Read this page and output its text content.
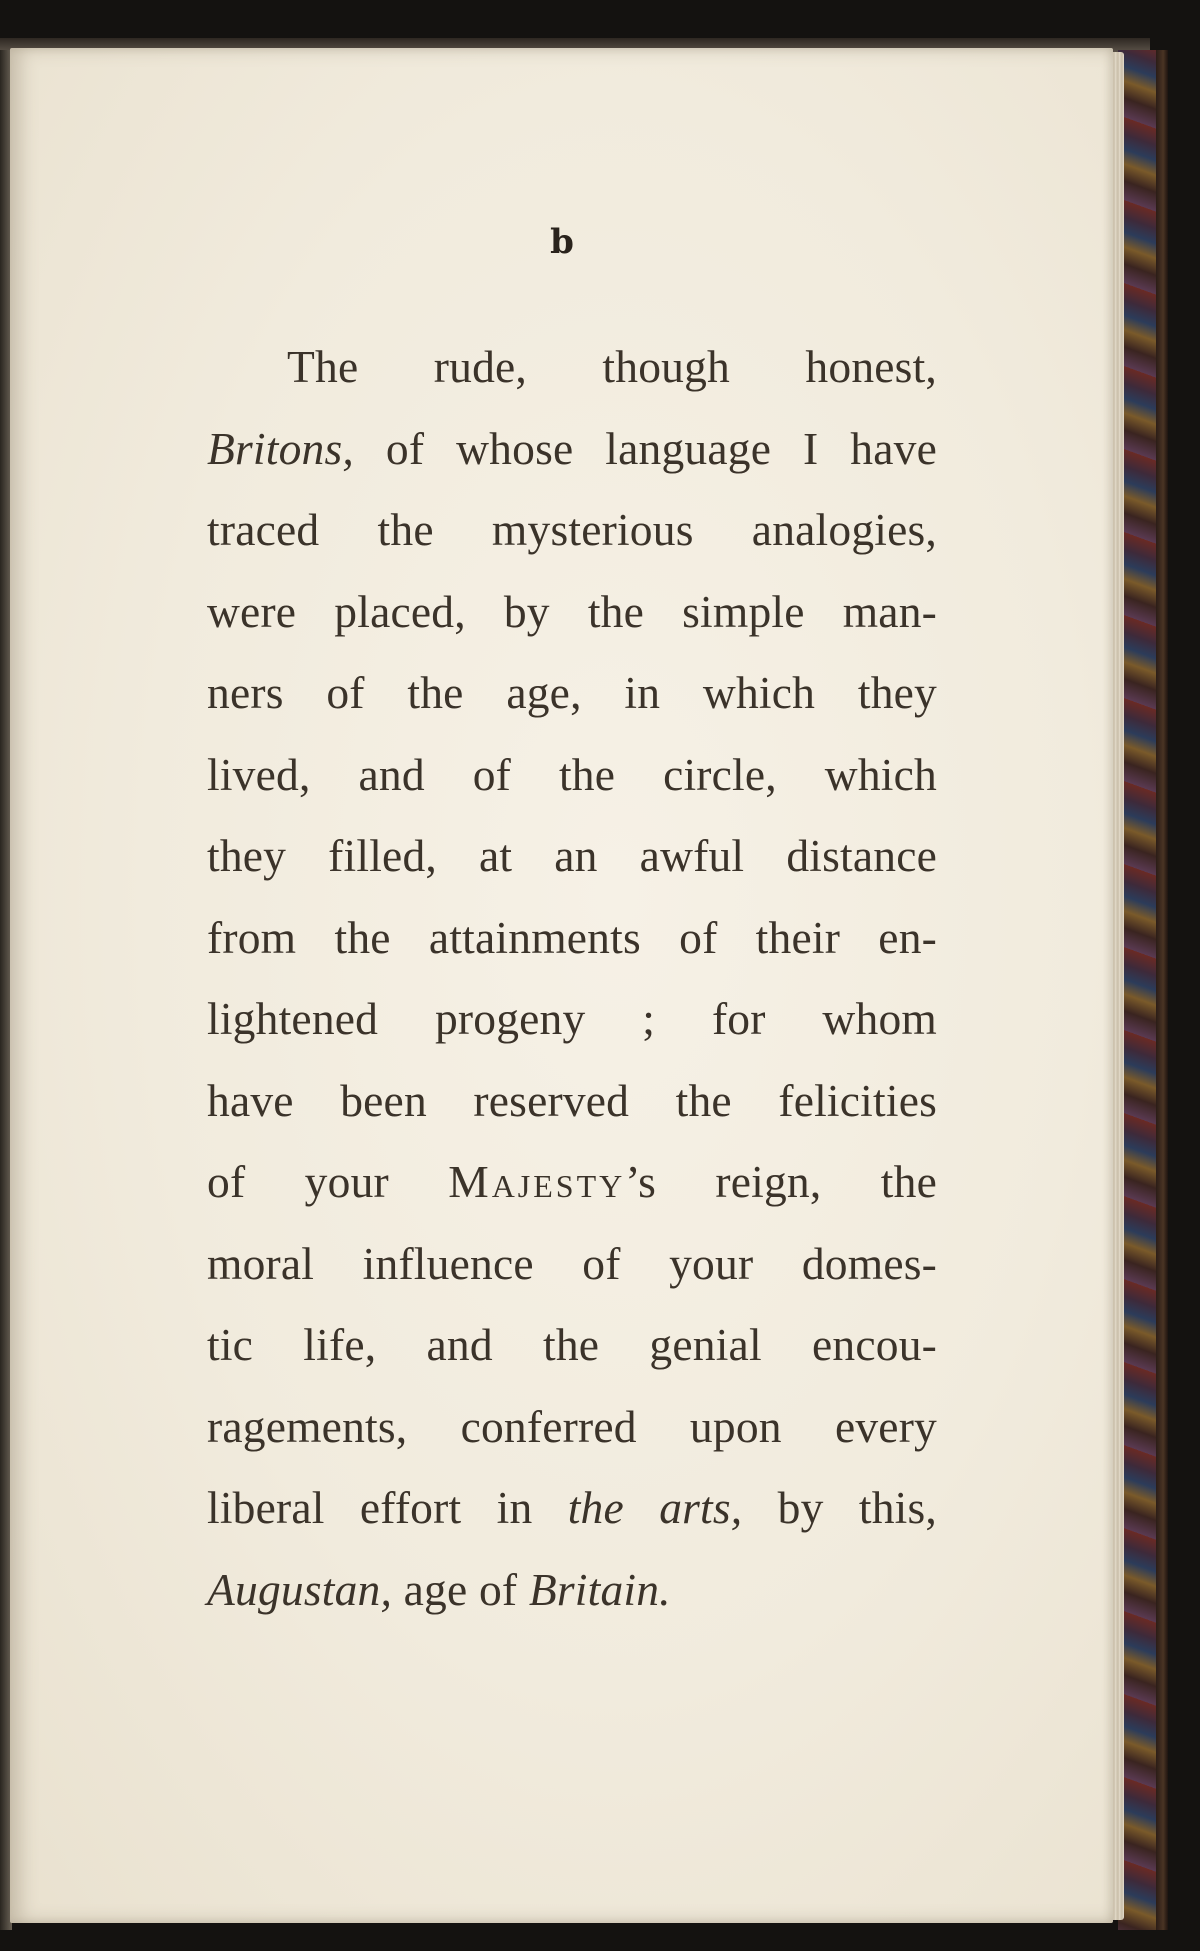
b
The rude, though honest,
Britons, of whose language I have
traced the mysterious analogies,
were placed, by the simple man-
ners of the age, in which they
lived, and of the circle, which
they filled, at an awful distance
from the attainments of their en-
lightened progeny ; for whom
have been reserved the felicities
of your Majesty’s reign, the
moral influence of your domes-
tic life, and the genial encou-
ragements, conferred upon every
liberal effort in the arts, by this,
Augustan, age of Britain.
